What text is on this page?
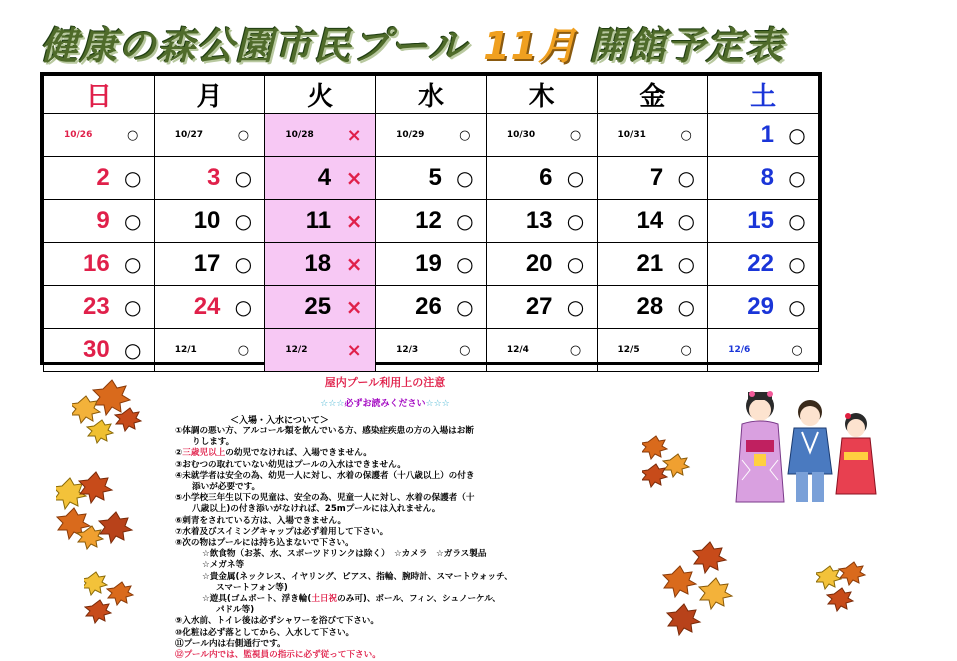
健康の森公園市民プール 11月 開館予定表
日	月	火	水	木	金	土

10/26 ○	10/27 ○	10/28 ×	10/29 ○	10/30 ○	10/31 ○	1 ○

2 ○	3 ○	4 ×	5 ○	6 ○	7 ○	8 ○

9 ○	10 ○	11 ×	12 ○	13 ○	14 ○	15 ○

16 ○	17 ○	18 ×	19 ○	20 ○	21 ○	22 ○

23 ○	24 ○	25 ×	26 ○	27 ○	28 ○	29 ○

30 ○	12/1 ○	12/2 ×	12/3 ○	12/4 ○	12/5 ○	12/6 ○
屋内プール利用上の注意
☆☆☆必ずお読みください☆☆☆
＜入場・入水について＞
①体調の悪い方、アルコール類を飲んでいる方、感染症疾患の方の入場はお断
りします。
②三歳児以上の幼児でなければ、入場できません。
③おむつの取れていない幼児はプールの入水はできません。
④未就学者は安全の為、幼児一人に対し、水着の保護者（十八歳以上）の付き
添いが必要です。
⑤小学校三年生以下の児童は、安全の為、児童一人に対し、水着の保護者（十
八歳以上)の付き添いがなければ、25mプールには入れません。
⑥刺青をされている方は、入場できません。
⑦水着及びスイミングキャップは必ず着用して下さい。
⑧次の物はプールには持ち込まないで下さい。
☆飲食物（お茶、水、スポーツドリンクは除く）　☆カメラ　☆ガラス製品
☆メガネ等
☆貴金属(ネックレス、イヤリング、ピアス、指輪、腕時計、スマートウォッチ、
スマートフォン等)
☆遊具(ゴムボート、浮き輪(土日祝のみ可)、ボール、フィン、シュノーケル、
パドル等)
⑨入水前、トイレ後は必ずシャワーを浴びて下さい。
⑩化粧は必ず落としてから、入水して下さい。
⑪プール内は右側通行です。
⑫プール内では、監視員の指示に必ず従って下さい。
